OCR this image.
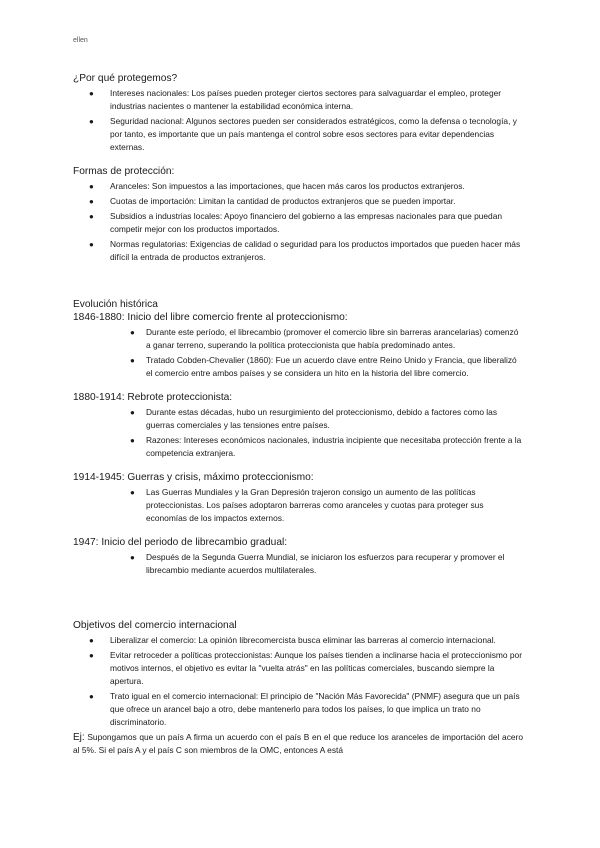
ellen
¿Por qué protegemos?
● Intereses nacionales: Los países pueden proteger ciertos sectores para salvaguardar el empleo, proteger industrias nacientes o mantener la estabilidad económica interna.
● Seguridad nacional: Algunos sectores pueden ser considerados estratégicos, como la defensa o tecnología, y por tanto, es importante que un país mantenga el control sobre esos sectores para evitar dependencias externas.
Formas de protección:
● Aranceles: Son impuestos a las importaciones, que hacen más caros los productos extranjeros.
● Cuotas de importación: Limitan la cantidad de productos extranjeros que se pueden importar.
● Subsidios a industrias locales: Apoyo financiero del gobierno a las empresas nacionales para que puedan competir mejor con los productos importados.
● Normas regulatorias: Exigencias de calidad o seguridad para los productos importados que pueden hacer más difícil la entrada de productos extranjeros.
Evolución histórica
1846-1880: Inicio del libre comercio frente al proteccionismo:
● Durante este período, el librecambio (promover el comercio libre sin barreras arancelarias) comenzó a ganar terreno, superando la política proteccionista que había predominado antes.
● Tratado Cobden-Chevalier (1860): Fue un acuerdo clave entre Reino Unido y Francia, que liberalizó el comercio entre ambos países y se considera un hito en la historia del libre comercio.
1880-1914: Rebrote proteccionista:
● Durante estas décadas, hubo un resurgimiento del proteccionismo, debido a factores como las guerras comerciales y las tensiones entre países.
● Razones: Intereses económicos nacionales, industria incipiente que necesitaba protección frente a la competencia extranjera.
1914-1945: Guerras y crisis, máximo proteccionismo:
● Las Guerras Mundiales y la Gran Depresión trajeron consigo un aumento de las políticas proteccionistas. Los países adoptaron barreras como aranceles y cuotas para proteger sus economías de los impactos externos.
1947: Inicio del periodo de librecambio gradual:
● Después de la Segunda Guerra Mundial, se iniciaron los esfuerzos para recuperar y promover el librecambio mediante acuerdos multilaterales.
Objetivos del comercio internacional
● Liberalizar el comercio: La opinión librecomercista busca eliminar las barreras al comercio internacional.
● Evitar retroceder a políticas proteccionistas: Aunque los países tienden a inclinarse hacia el proteccionismo por motivos internos, el objetivo es evitar la "vuelta atrás" en las políticas comerciales, buscando siempre la apertura.
● Trato igual en el comercio internacional: El principio de "Nación Más Favorecida" (PNMF) asegura que un país que ofrece un arancel bajo a otro, debe mantenerlo para todos los países, lo que implica un trato no discriminatorio.
Ej: Supongamos que un país A firma un acuerdo con el país B en el que reduce los aranceles de importación del acero al 5%. Si el país A y el país C son miembros de la OMC, entonces A está
